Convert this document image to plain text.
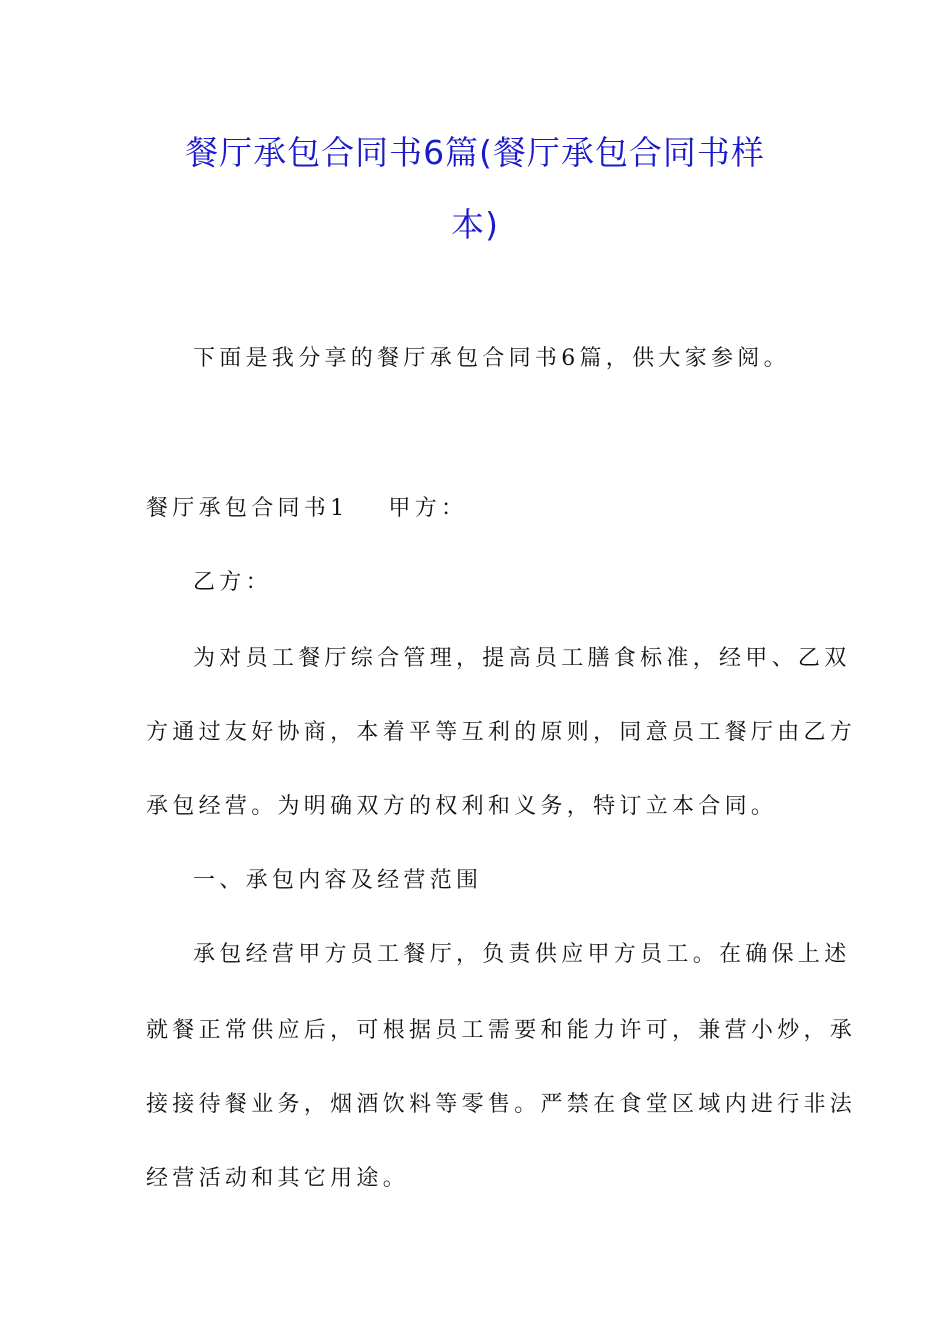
餐厅承包合同书6篇(餐厅承包合同书样
本)
下面是我分享的餐厅承包合同书6篇，供大家参阅。
餐厅承包合同书1 甲方：
乙方：
为对员工餐厅综合管理，提高员工膳食标准，经甲、乙双
方通过友好协商，本着平等互利的原则，同意员工餐厅由乙方
承包经营。为明确双方的权利和义务，特订立本合同。
一、承包内容及经营范围
承包经营甲方员工餐厅，负责供应甲方员工。在确保上述
就餐正常供应后，可根据员工需要和能力许可，兼营小炒，承
接接待餐业务，烟酒饮料等零售。严禁在食堂区域内进行非法
经营活动和其它用途。
